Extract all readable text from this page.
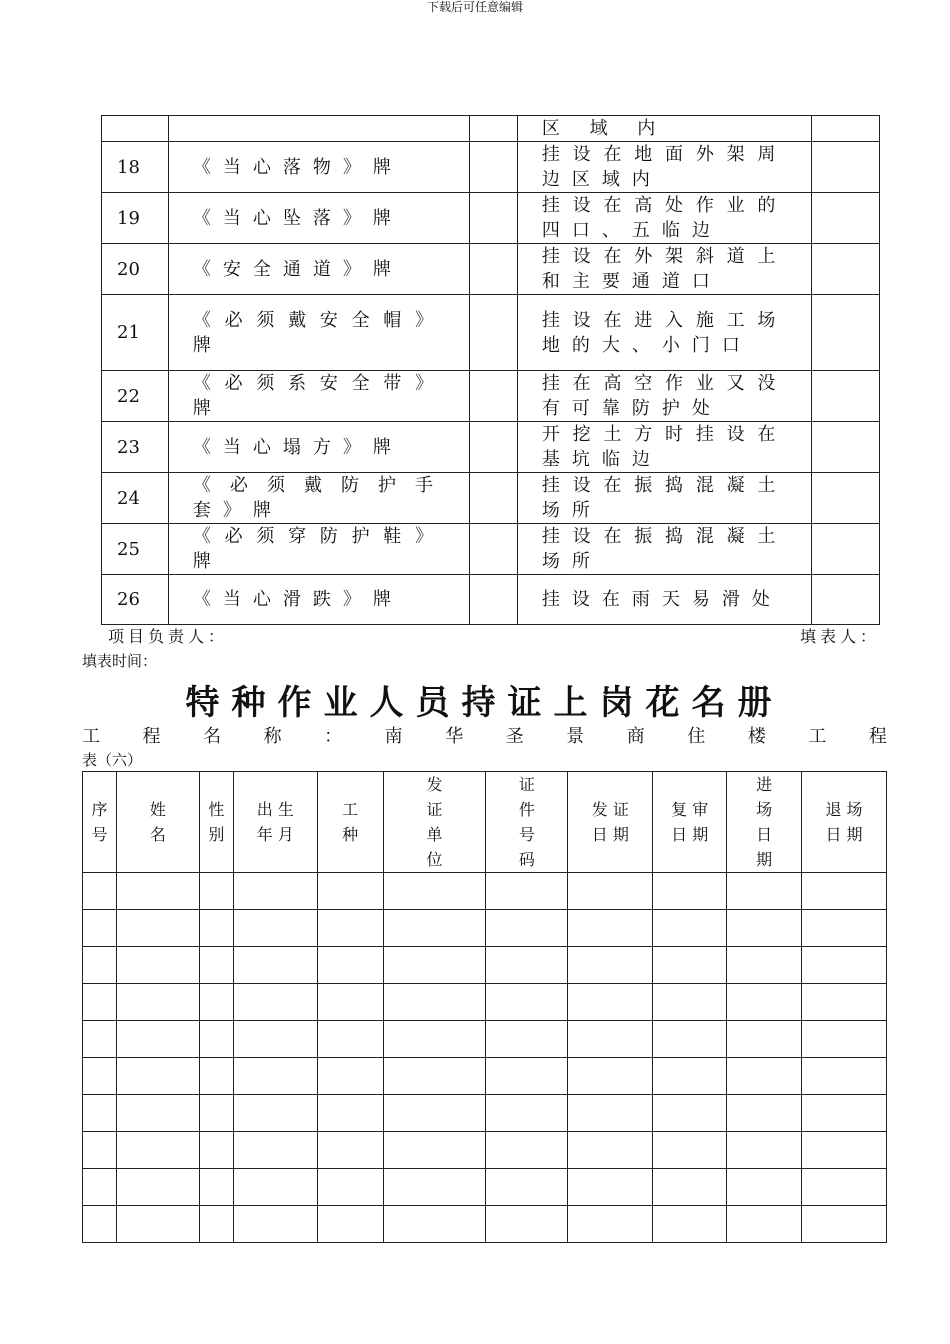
下载后可任意编辑

			区 域 内	

18	《当心落物》牌		挂设在地面外架周边区域内	

19	《当心坠落》牌		挂设在高处作业的四口、五临边	

20	《安全通道》牌		挂设在外架斜道上和主要通道口	

21	《必须戴安全帽》牌		挂设在进入施工场地的大、小门口	

22	《必须系安全带》牌		挂在高空作业又没有可靠防护处	

23	《当心塌方》牌		开挖土方时挂设在基坑临边	

24	《必须戴防护手套》牌		挂设在振捣混凝土场所	

25	《必须穿防护鞋》牌		挂设在振捣混凝土场所	

26	《当心滑跌》牌		挂设在雨天易滑处	

项目负责人：	填表人：
填表时间：
特种作业人员持证上岗花名册
工 程 名 称 ： 南 华 圣 景 商 住 楼 工 程
表（六）
序
号	姓
名	性
别	出 生
年 月	工
种	发
证
单
位	证
件
号
码	发 证
日 期	复 审
日 期	进
场
日
期	退 场
日 期
